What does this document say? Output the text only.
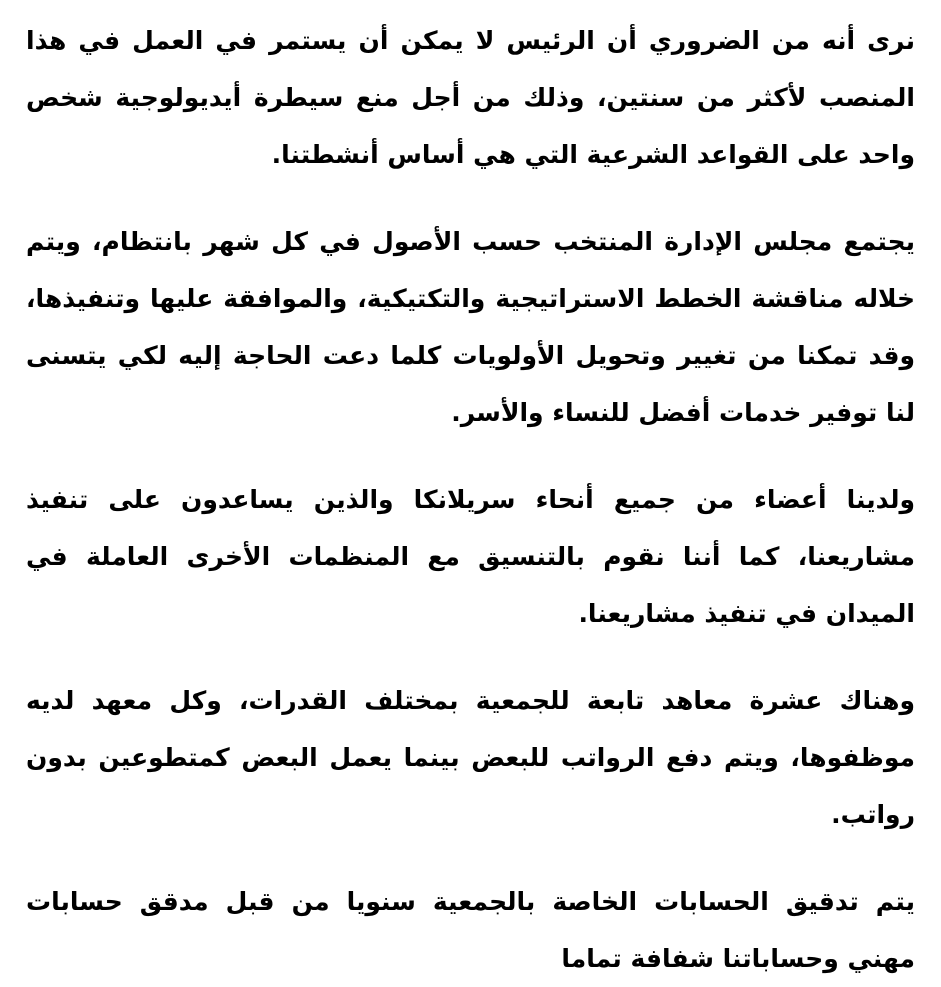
نرى أنه من الضروري أن الرئيس لا يمكن أن يستمر في العمل في هذا المنصب لأكثر من سنتين، وذلك من أجل منع سيطرة أيديولوجية شخص واحد على القواعد الشرعية التي هي أساس أنشطتنا.

يجتمع مجلس الإدارة المنتخب حسب الأصول في كل شهر بانتظام، ويتم خلاله مناقشة الخطط الاستراتيجية والتكتيكية، والموافقة عليها وتنفيذها، وقد تمكنا من تغيير وتحويل الأولويات كلما دعت الحاجة إليه لكي يتسنى لنا توفير خدمات أفضل للنساء والأسر.

ولدينا أعضاء من جميع أنحاء سريلانكا والذين يساعدون على تنفيذ مشاريعنا، كما أننا نقوم بالتنسيق مع المنظمات الأخرى العاملة في الميدان في تنفيذ مشاريعنا.

وهناك عشرة معاهد تابعة للجمعية بمختلف القدرات، وكل معهد لديه موظفوها، ويتم دفع الرواتب للبعض بينما يعمل البعض كمتطوعين بدون رواتب.

يتم تدقيق الحسابات الخاصة بالجمعية سنويا من قبل مدقق حسابات مهني وحساباتنا شفافة تماما
